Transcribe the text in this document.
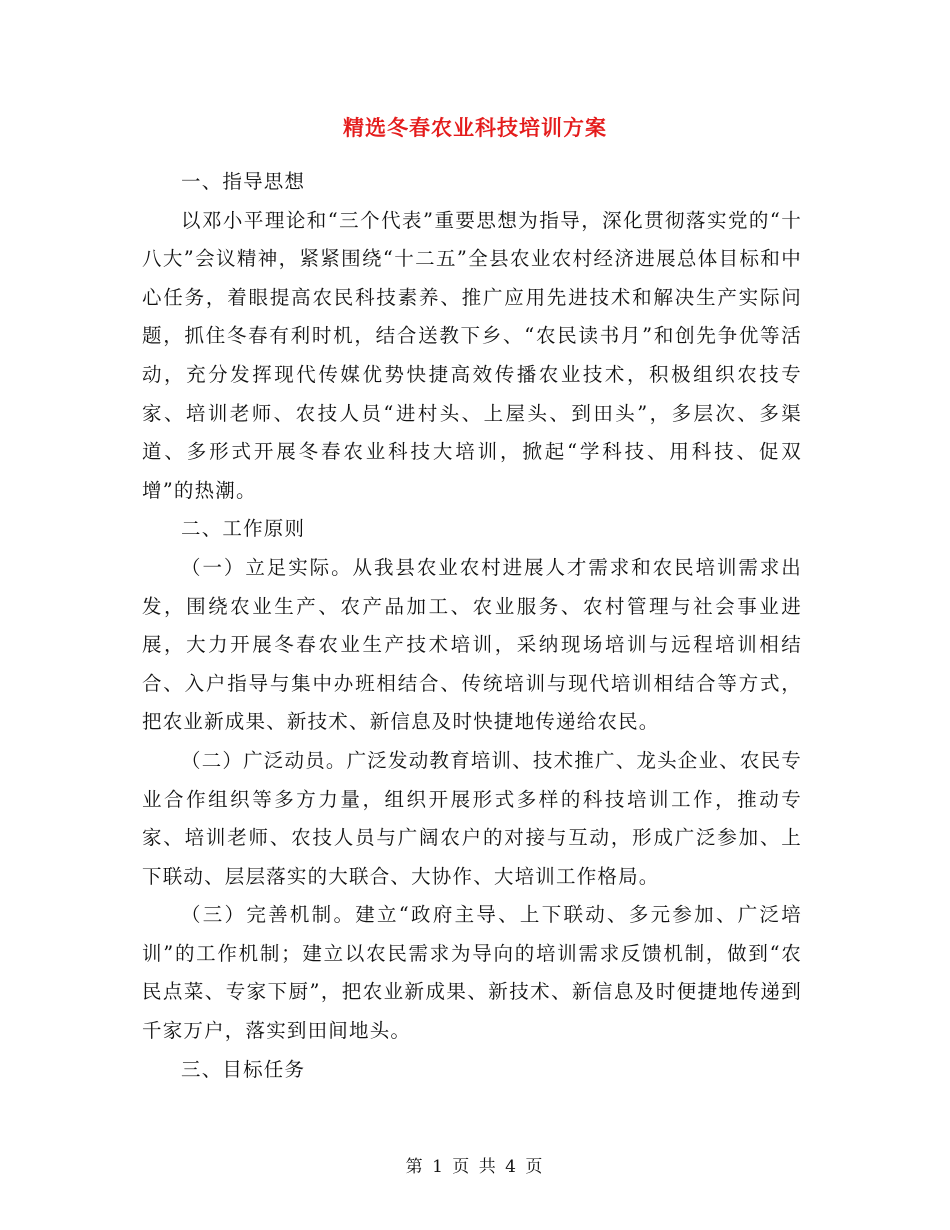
精选冬春农业科技培训方案

一、指导思想

以邓小平理论和“三个代表”重要思想为指导，深化贯彻落实党的“十八大”会议精神，紧紧围绕“十二五”全县农业农村经济进展总体目标和中心任务，着眼提高农民科技素养、推广应用先进技术和解决生产实际问题，抓住冬春有利时机，结合送教下乡、“农民读书月”和创先争优等活动，充分发挥现代传媒优势快捷高效传播农业技术，积极组织农技专家、培训老师、农技人员“进村头、上屋头、到田头”，多层次、多渠道、多形式开展冬春农业科技大培训，掀起“学科技、用科技、促双增”的热潮。

二、工作原则

（一）立足实际。从我县农业农村进展人才需求和农民培训需求出发，围绕农业生产、农产品加工、农业服务、农村管理与社会事业进展，大力开展冬春农业生产技术培训，采纳现场培训与远程培训相结合、入户指导与集中办班相结合、传统培训与现代培训相结合等方式，把农业新成果、新技术、新信息及时快捷地传递给农民。

（二）广泛动员。广泛发动教育培训、技术推广、龙头企业、农民专业合作组织等多方力量，组织开展形式多样的科技培训工作，推动专家、培训老师、农技人员与广阔农户的对接与互动，形成广泛参加、上下联动、层层落实的大联合、大协作、大培训工作格局。

（三）完善机制。建立“政府主导、上下联动、多元参加、广泛培训”的工作机制；建立以农民需求为导向的培训需求反馈机制，做到“农民点菜、专家下厨”，把农业新成果、新技术、新信息及时便捷地传递到千家万户，落实到田间地头。

三、目标任务

第 1 页 共 4 页
